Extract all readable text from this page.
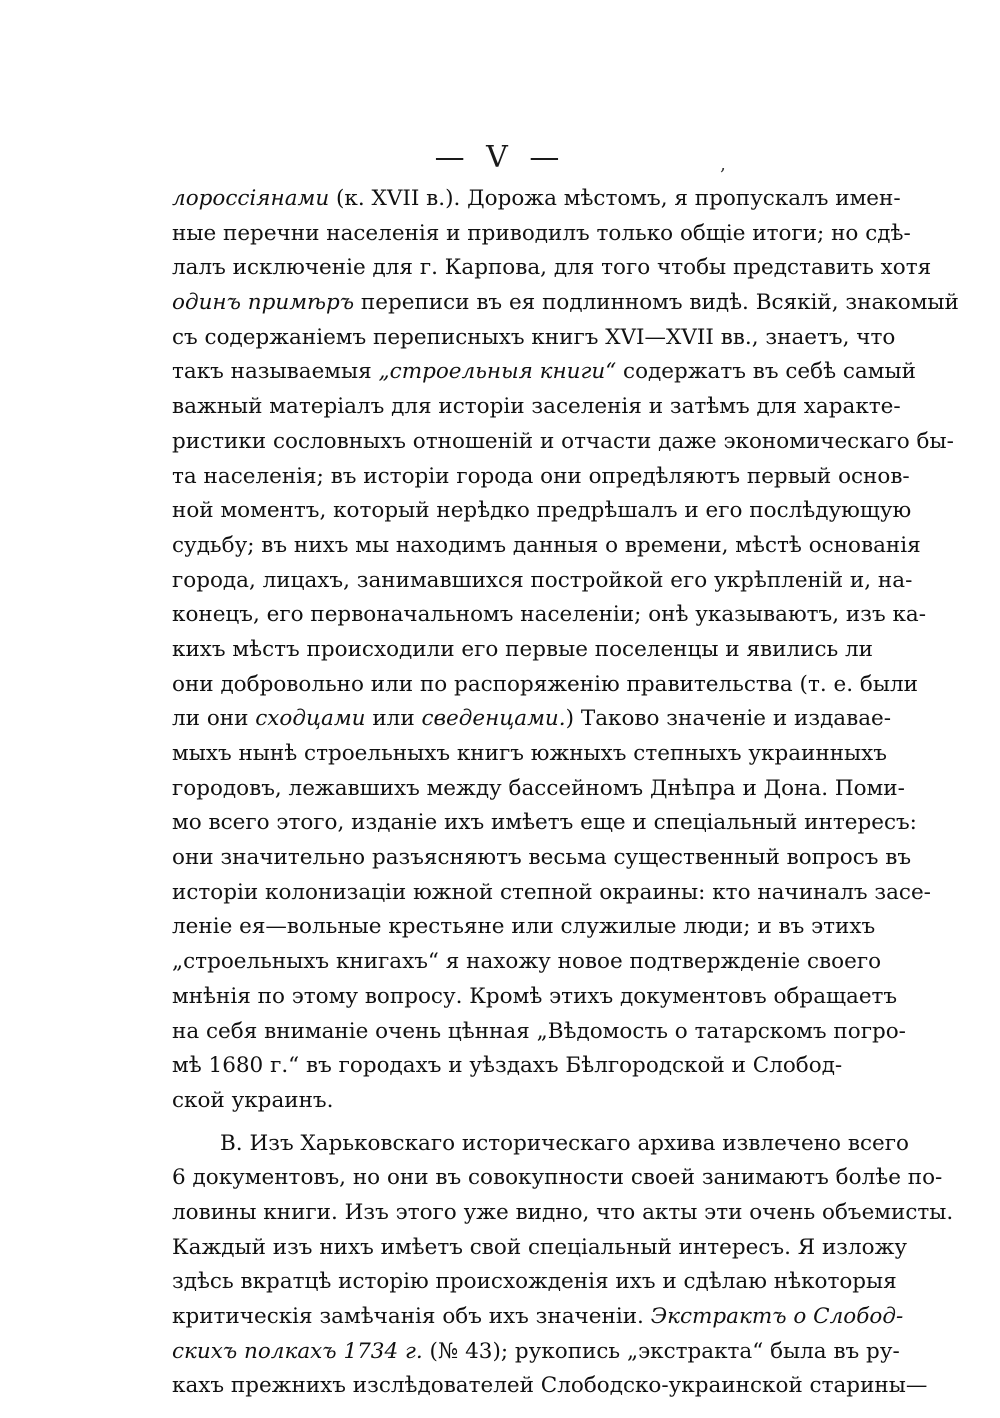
— V —	‚
лороссіянами (к. XVII в.). Дорожа мѣстомъ, я пропускалъ имен-
ные перечни населенія и приводилъ только общіе итоги; но сдѣ-
лалъ исключеніе для г. Карпова, для того чтобы представить хотя
одинъ примѣръ переписи въ ея подлинномъ видѣ. Всякій, знакомый
съ содержаніемъ переписныхъ книгъ XVI—XVII вв., знаетъ, что
такъ называемыя „строельныя книги“ содержатъ въ себѣ самый
важный матеріалъ для исторіи заселенія и затѣмъ для характе-
ристики сословныхъ отношеній и отчасти даже экономическаго бы-
та населенія; въ исторіи города они опредѣляютъ первый основ-
ной моментъ, который нерѣдко предрѣшалъ и его послѣдующую
судьбу; въ нихъ мы находимъ данныя о времени, мѣстѣ основанія
города, лицахъ, занимавшихся постройкой его укрѣпленій и, на-
конецъ, его первоначальномъ населеніи; онѣ указываютъ, изъ ка-
кихъ мѣстъ происходили его первые поселенцы и явились ли
они добровольно или по распоряженію правительства (т. е. были
ли они сходцами или сведенцами.) Таково значеніе и издавае-
мыхъ нынѣ строельныхъ книгъ южныхъ степныхъ украинныхъ
городовъ, лежавшихъ между бассейномъ Днѣпра и Дона. Поми-
мо всего этого, изданіе ихъ имѣетъ еще и спеціальный интересъ:
они значительно разъясняютъ весьма существенный вопросъ въ
исторіи колонизаціи южной степной окраины: кто начиналъ засе-
леніе ея—вольные крестьяне или служилые люди; и въ этихъ
„строельныхъ книгахъ“ я нахожу новое подтвержденіе своего
мнѣнія по этому вопросу. Кромѣ этихъ документовъ обращаетъ
на себя вниманіе очень цѣнная „Вѣдомость о татарскомъ погро-
мѣ 1680 г.“ въ городахъ и уѣздахъ Бѣлгородской и Слобод-
ской украинъ.
В. Изъ Харьковскаго историческаго архива извлечено всего
6 документовъ, но они въ совокупности своей занимаютъ болѣе по-
ловины книги. Изъ этого уже видно, что акты эти очень объемисты.
Каждый изъ нихъ имѣетъ свой спеціальный интересъ. Я изложу
здѣсь вкратцѣ исторію происхожденія ихъ и сдѣлаю нѣкоторыя
критическія замѣчанія объ ихъ значеніи. Экстрактъ о Слобод-
скихъ полкахъ 1734 г. (№ 43); рукопись „экстракта“ была въ ру-
кахъ прежнихъ изслѣдователей Слободско-украинской старины—
